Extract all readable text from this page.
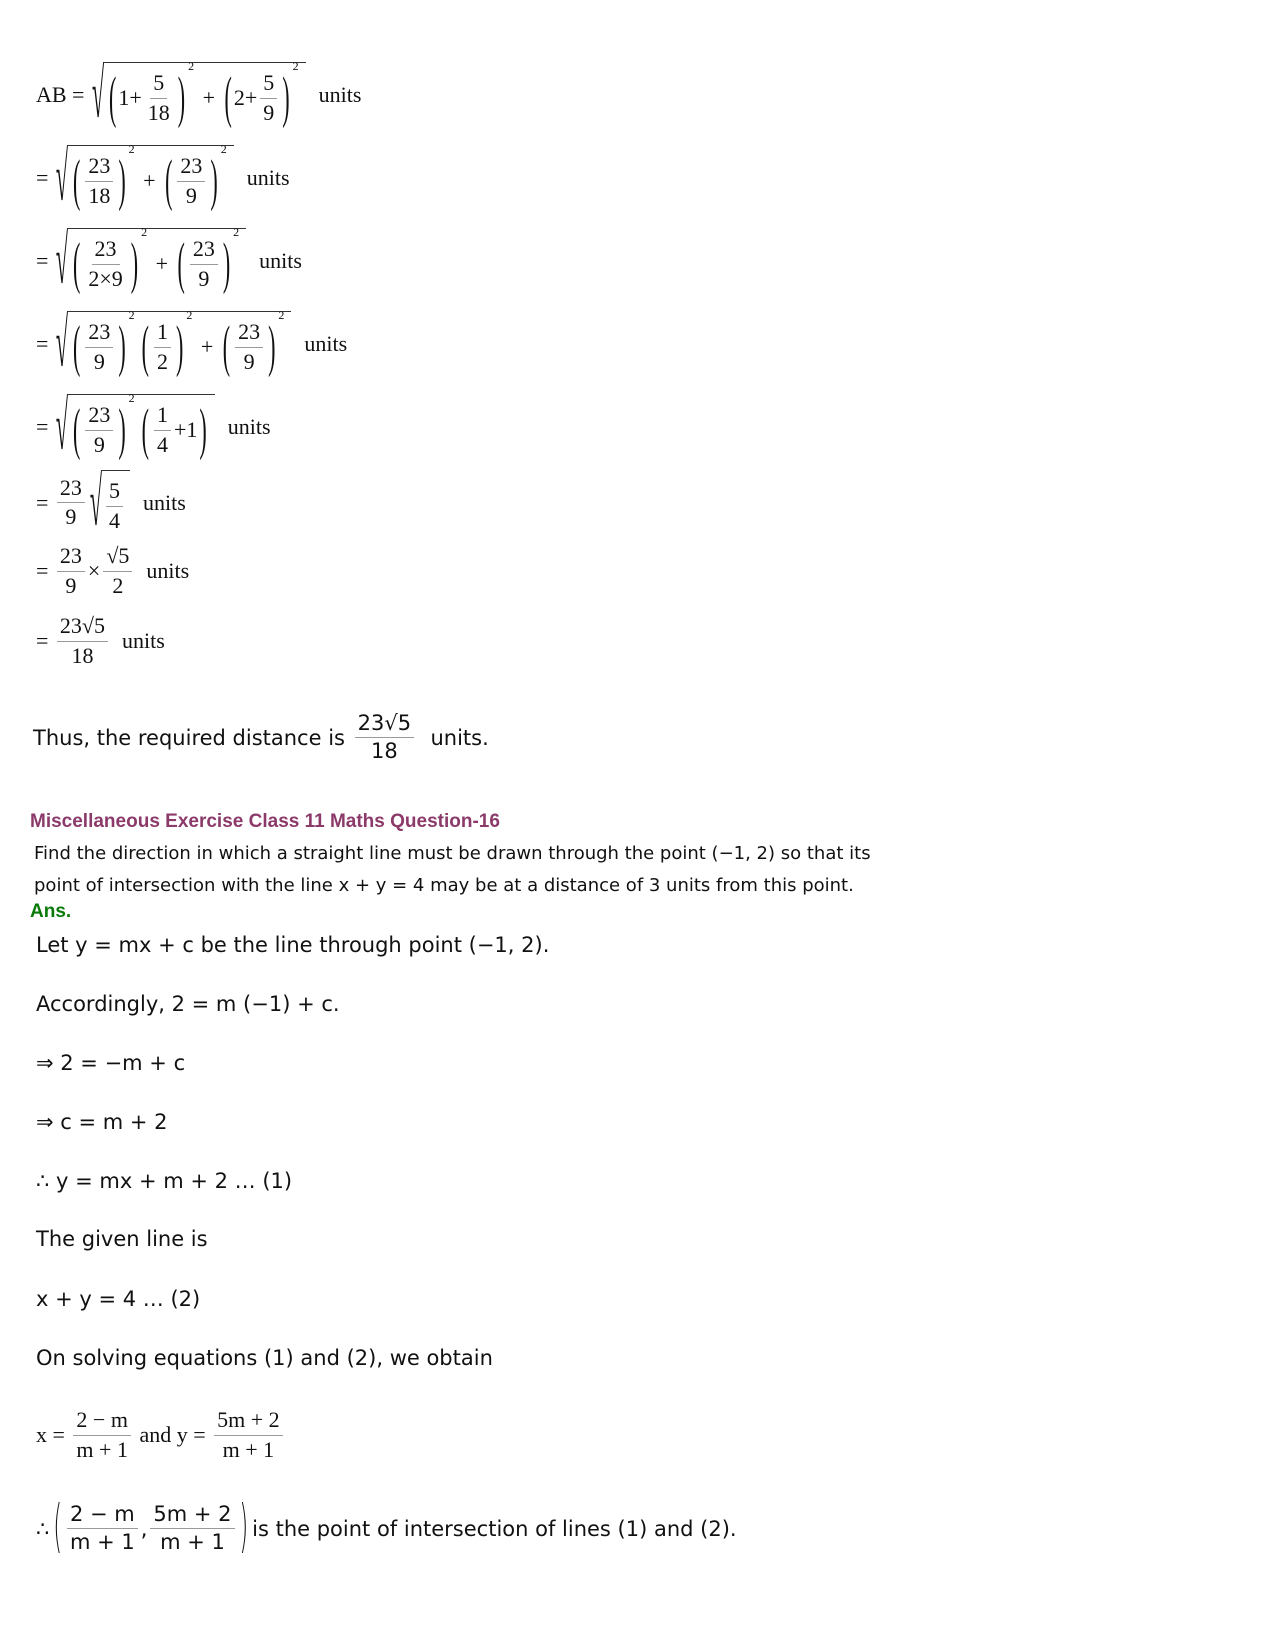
AB = √ ( $1+ \frac{5}{18}$ ) 2
+ ( $2+ \frac{5}{9}$ ) 2
units
= √ ( $\frac{23}{18}$ ) 2
+ ( $\frac{23}{9}$ ) 2
units
= √ ( $\frac{23}{2\times 9}$ ) 2
+ ( $\frac{23}{9}$ ) 2
units
= √ ( $\frac{23}{9}$ ) 2 ( $\frac{1}{2}$ ) 2
+ ( $\frac{23}{9}$ ) 2
units
= √ ( $\frac{23}{9}$ ) 2 ( $\frac{1}{4} +1$ ) units
= $\frac{23}{9}$ √ $\frac{5}{4}$ units
= $\frac{23}{9} \times \frac{√5}{2}$ units
= $\frac{23√5}{18}$ units
Thus, the required distance is $\frac{23√5}{18}$ units.
Miscellaneous Exercise Class 11 Maths Question-16
Find the direction in which a straight line must be drawn through the point (−1, 2) so that its
point of intersection with the line x + y = 4 may be at a distance of 3 units from this point.
Ans.
Let y = mx + c be the line through point (−1, 2).
Accordingly, 2 = m (−1) + c.
⇒ 2 = −m + c
⇒ c = m + 2
∴ y = mx + m + 2 … (1)
The given line is
x + y = 4 … (2)
On solving equations (1) and (2), we obtain
$x = \frac{2 - m}{m + 1}$ and $y = \frac{5m + 2}{m + 1}$
∴ ( $\frac{2 - m}{m + 1}$ , $\frac{5m + 2}{m + 1}$ ) is the point of intersection of lines (1) and (2).
